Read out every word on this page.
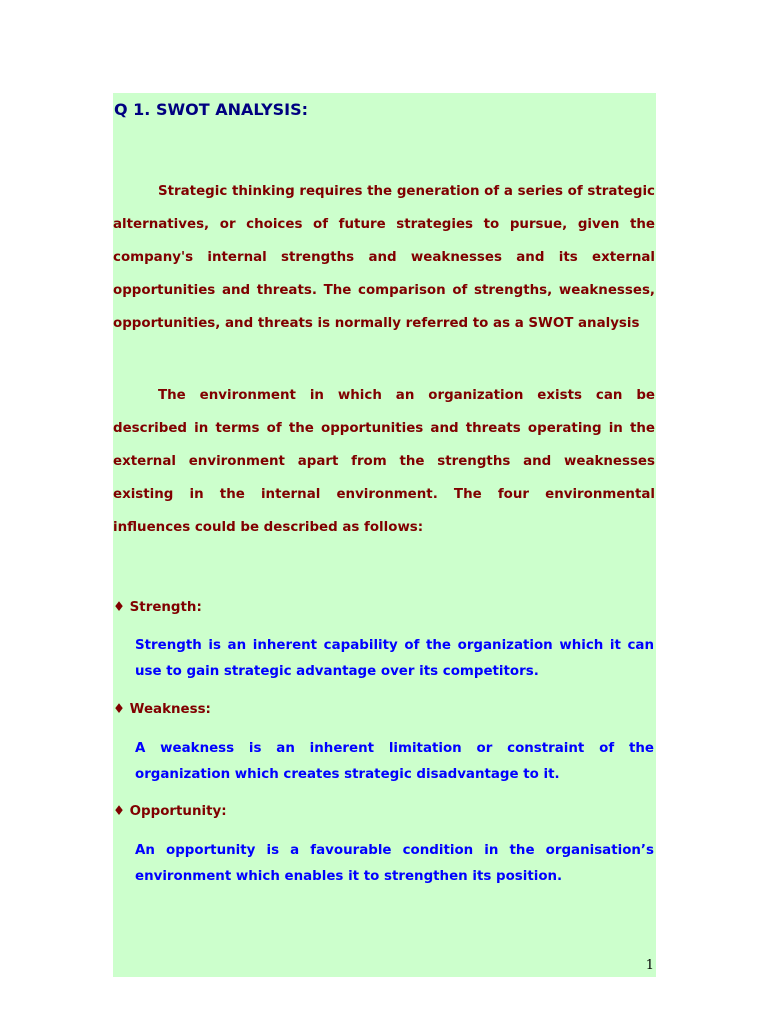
Q 1. SWOT ANALYSIS:

Strategic thinking requires the generation of a series of strategic alternatives, or choices of future strategies to pursue, given the company's internal strengths and weaknesses and its external opportunities and threats. The comparison of strengths, weaknesses, opportunities, and threats is normally referred to as a SWOT analysis

The environment in which an organization exists can be described in terms of the opportunities and threats operating in the external environment apart from the strengths and weaknesses existing in the internal environment. The four environmental influences could be described as follows:

♦ Strength:

Strength is an inherent capability of the organization which it can use to gain strategic advantage over its competitors.

♦ Weakness:

A weakness is an inherent limitation or constraint of the organization which creates strategic disadvantage to it.

♦ Opportunity:

An opportunity is a favourable condition in the organisation’s environment which enables it to strengthen its position.

1
